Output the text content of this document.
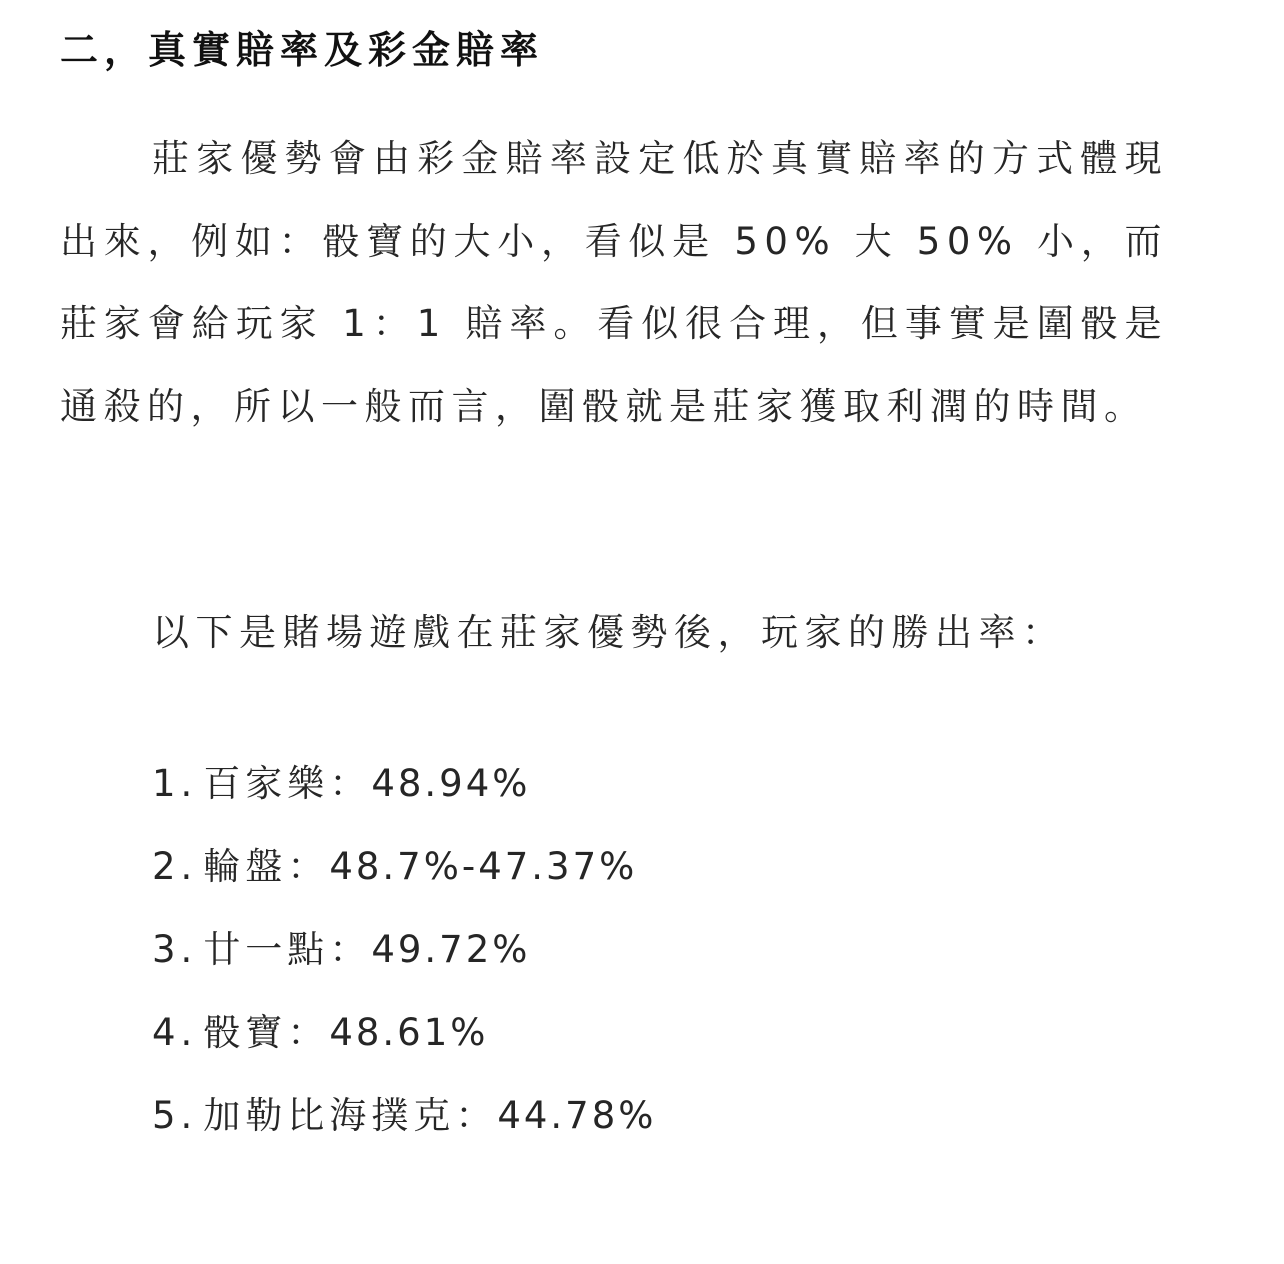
二，真實賠率及彩金賠率

莊家優勢會由彩金賠率設定低於真實賠率的方式體現出來，例如：骰寶的大小，看似是 50% 大 50% 小，而莊家會給玩家 1：1 賠率。看似很合理，但事實是圍骰是通殺的，所以一般而言，圍骰就是莊家獲取利潤的時間。

以下是賭場遊戲在莊家優勢後，玩家的勝出率：

1. 百家樂：48.94%
2. 輪盤：48.7%-47.37%
3. 廿一點：49.72%
4. 骰寶：48.61%
5. 加勒比海撲克：44.78%
